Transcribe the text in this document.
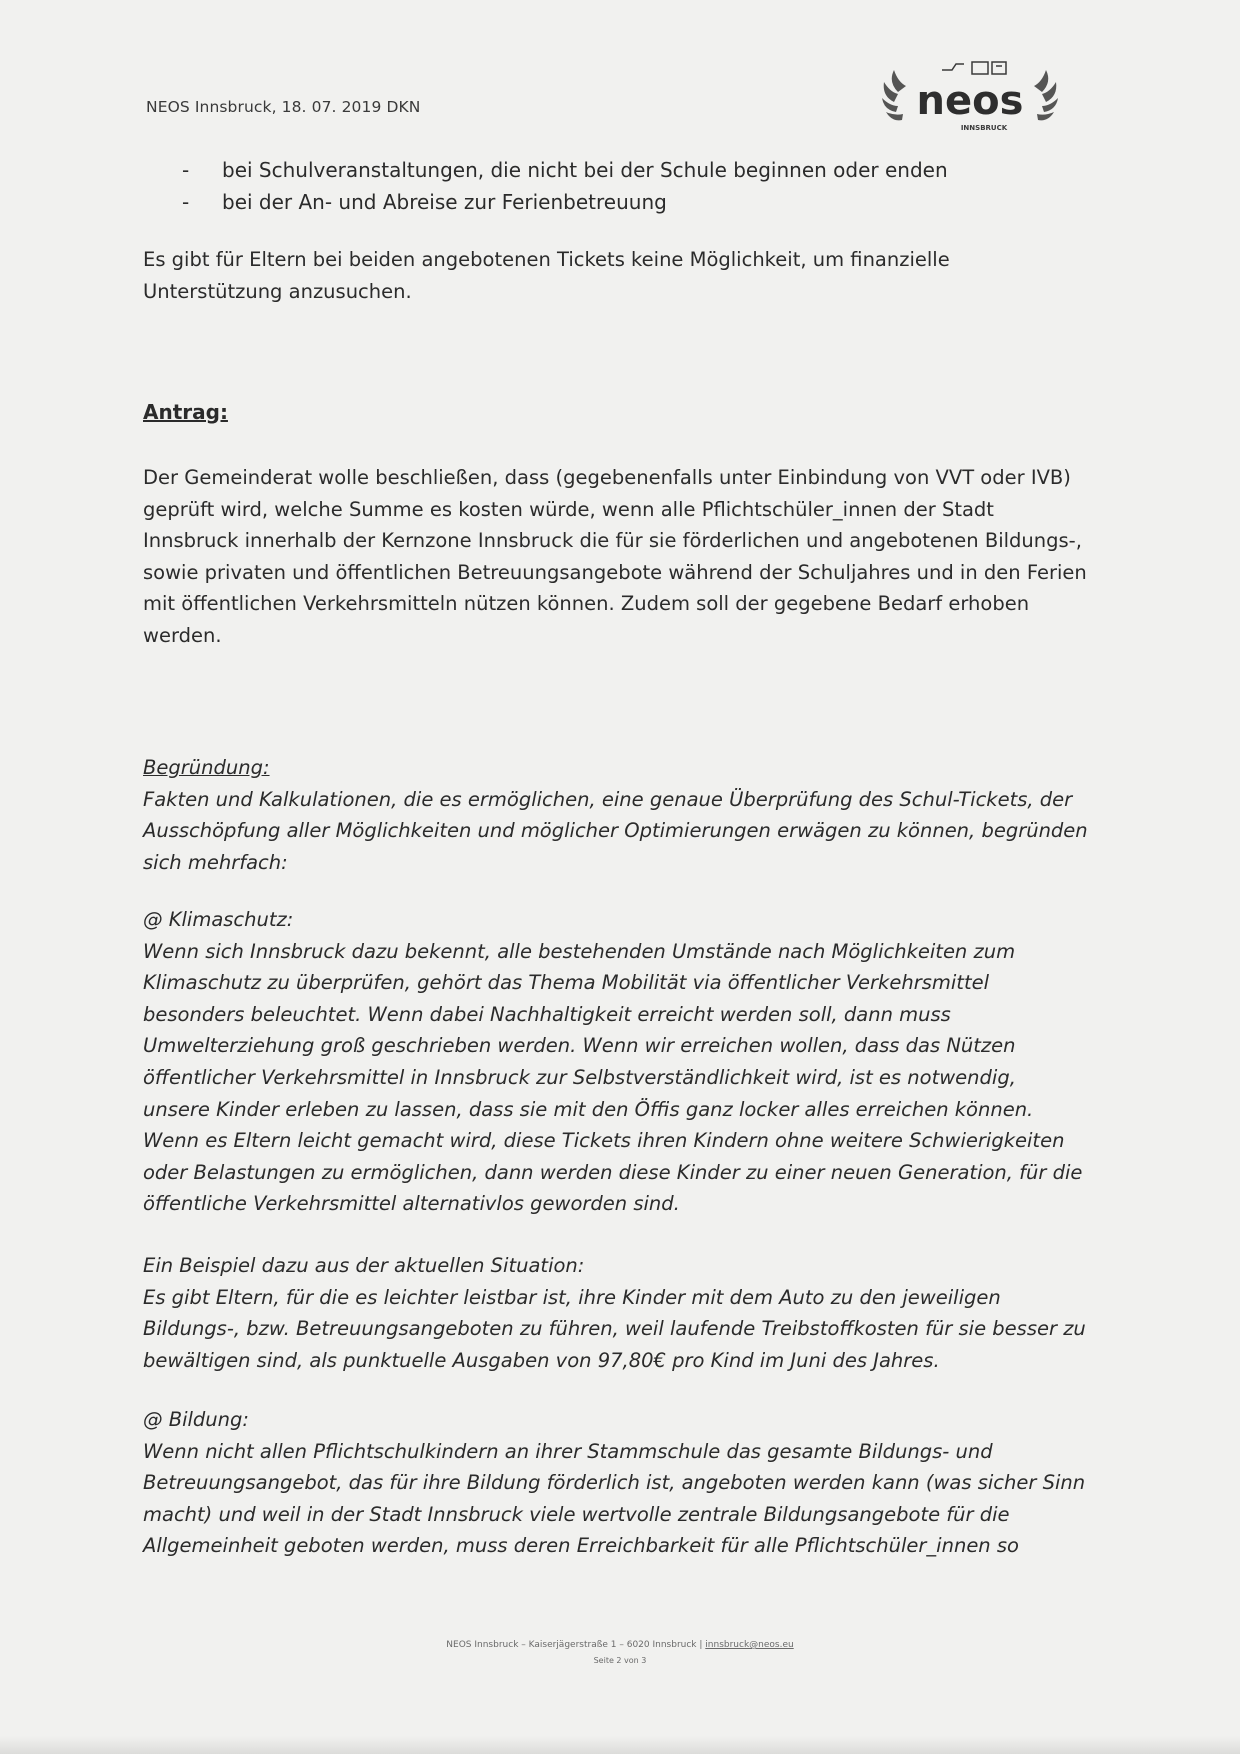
NEOS Innsbruck, 18. 07. 2019 DKN	neos
INNSBRUCK
- bei Schulveranstaltungen, die nicht bei der Schule beginnen oder enden
- bei der An- und Abreise zur Ferienbetreuung

Es gibt für Eltern bei beiden angebotenen Tickets keine Möglichkeit, um finanzielle Unterstützung anzusuchen.

Antrag:

Der Gemeinderat wolle beschließen, dass (gegebenenfalls unter Einbindung von VVT oder IVB) geprüft wird, welche Summe es kosten würde, wenn alle Pflichtschüler_innen der Stadt Innsbruck innerhalb der Kernzone Innsbruck die für sie förderlichen und angebotenen Bildungs-, sowie privaten und öffentlichen Betreuungsangebote während der Schuljahres und in den Ferien mit öffentlichen Verkehrsmitteln nützen können. Zudem soll der gegebene Bedarf erhoben werden.

Begründung:
Fakten und Kalkulationen, die es ermöglichen, eine genaue Überprüfung des Schul-Tickets, der Ausschöpfung aller Möglichkeiten und möglicher Optimierungen erwägen zu können, begründen sich mehrfach:
@ Klimaschutz:
Wenn sich Innsbruck dazu bekennt, alle bestehenden Umstände nach Möglichkeiten zum Klimaschutz zu überprüfen, gehört das Thema Mobilität via öffentlicher Verkehrsmittel besonders beleuchtet. Wenn dabei Nachhaltigkeit erreicht werden soll, dann muss Umwelterziehung groß geschrieben werden. Wenn wir erreichen wollen, dass das Nützen öffentlicher Verkehrsmittel in Innsbruck zur Selbstverständlichkeit wird, ist es notwendig, unsere Kinder erleben zu lassen, dass sie mit den Öffis ganz locker alles erreichen können. Wenn es Eltern leicht gemacht wird, diese Tickets ihren Kindern ohne weitere Schwierigkeiten oder Belastungen zu ermöglichen, dann werden diese Kinder zu einer neuen Generation, für die öffentliche Verkehrsmittel alternativlos geworden sind.
Ein Beispiel dazu aus der aktuellen Situation:
Es gibt Eltern, für die es leichter leistbar ist, ihre Kinder mit dem Auto zu den jeweiligen Bildungs-, bzw. Betreuungsangeboten zu führen, weil laufende Treibstoffkosten für sie besser zu bewältigen sind, als punktuelle Ausgaben von 97,80€ pro Kind im Juni des Jahres.
@ Bildung:
Wenn nicht allen Pflichtschulkindern an ihrer Stammschule das gesamte Bildungs- und Betreuungsangebot, das für ihre Bildung förderlich ist, angeboten werden kann (was sicher Sinn macht) und weil in der Stadt Innsbruck viele wertvolle zentrale Bildungsangebote für die Allgemeinheit geboten werden, muss deren Erreichbarkeit für alle Pflichtschüler_innen so
NEOS Innsbruck – Kaiserjägerstraße 1 – 6020 Innsbruck | innsbruck@neos.eu
Seite 2 von 3
